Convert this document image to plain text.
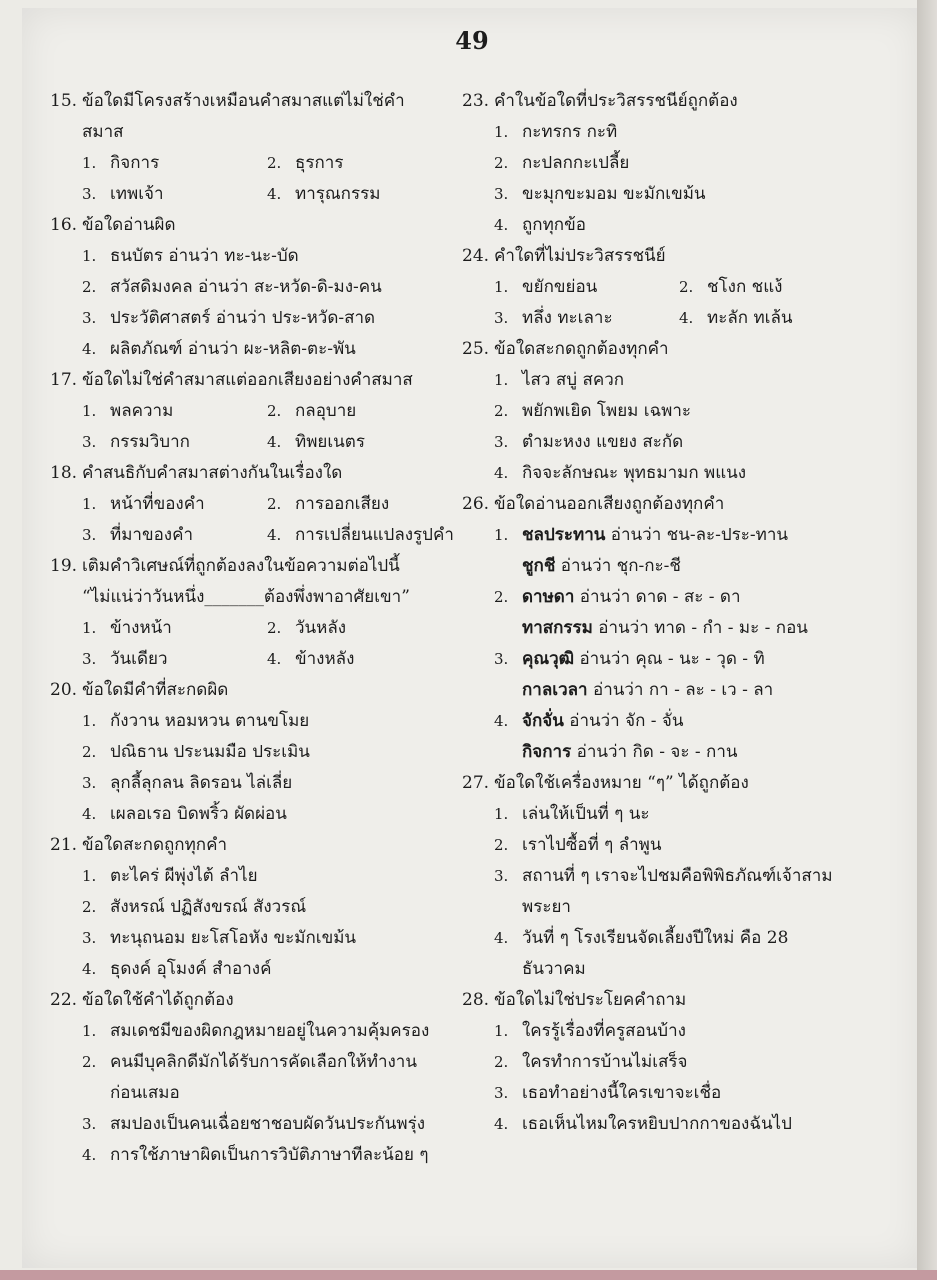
49
15. ข้อใดมีโครงสร้างเหมือนคำสมาสแต่ไม่ใช่คำ
สมาส
1. กิจการ	2. ธุรการ
3. เทพเจ้า	4. ทารุณกรรม
16. ข้อใดอ่านผิด
1. ธนบัตร อ่านว่า ทะ-นะ-บัด
2. สวัสดิมงคล อ่านว่า สะ-หวัด-ดิ-มง-คน
3. ประวัติศาสตร์ อ่านว่า ประ-หวัด-สาด
4. ผลิตภัณฑ์ อ่านว่า ผะ-หลิต-ตะ-พัน
17. ข้อใดไม่ใช่คำสมาสแต่ออกเสียงอย่างคำสมาส
1. พลความ	2. กลอุบาย
3. กรรมวิบาก	4. ทิพยเนตร
18. คำสนธิกับคำสมาสต่างกันในเรื่องใด
1. หน้าที่ของคำ	2. การออกเสียง
3. ที่มาของคำ	4. การเปลี่ยนแปลงรูปคำ
19. เติมคำวิเศษณ์ที่ถูกต้องลงในข้อความต่อไปนี้
“ไม่แน่ว่าวันหนึ่ง_______ต้องพึ่งพาอาศัยเขา”
1. ข้างหน้า	2. วันหลัง
3. วันเดียว	4. ข้างหลัง
20. ข้อใดมีคำที่สะกดผิด
1. กังวาน หอมหวน ตานขโมย
2. ปณิธาน ประนมมือ ประเมิน
3. ลุกลี้ลุกลน ลิดรอน ไล่เลี่ย
4. เผลอเรอ บิดพริ้ว ผัดผ่อน
21. ข้อใดสะกดถูกทุกคำ
1. ตะไคร่ ผีพุ่งไต้ ลำไย
2. สังหรณ์ ปฏิสังขรณ์ สังวรณ์
3. ทะนุถนอม ยะโสโอหัง ขะมักเขม้น
4. ธุดงค์ อุโมงค์ สำอางค์
22. ข้อใดใช้คำได้ถูกต้อง
1. สมเดชมีของผิดกฎหมายอยู่ในความคุ้มครอง
2. คนมีบุคลิกดีมักได้รับการคัดเลือกให้ทำงาน
ก่อนเสมอ
3. สมปองเป็นคนเฉื่อยชาชอบผัดวันประกันพรุ่ง
4. การใช้ภาษาผิดเป็นการวิบัติภาษาทีละน้อย ๆ
23. คำในข้อใดที่ประวิสรรชนีย์ถูกต้อง
1. กะทรกร กะทิ
2. กะปลกกะเปลี้ย
3. ขะมุกขะมอม ขะมักเขม้น
4. ถูกทุกข้อ
24. คำใดที่ไม่ประวิสรรชนีย์
1. ขยักขย่อน	2. ชโงก ชแง้
3. ทลึ่ง ทะเลาะ	4. ทะลัก ทเล้น
25. ข้อใดสะกดถูกต้องทุกคำ
1. ไสว สบู่ สควก
2. พยักพเยิด โพยม เฉพาะ
3. ตำมะหงง แขยง สะกัด
4. กิจจะลักษณะ พุทธมามก พแนง
26. ข้อใดอ่านออกเสียงถูกต้องทุกคำ
1. ชลประทาน อ่านว่า ชน-ละ-ประ-ทาน
ชูกชี อ่านว่า ชุก-กะ-ชี
2. ดาษดา อ่านว่า ดาด - สะ - ดา
ทาสกรรม อ่านว่า ทาด - กำ - มะ - กอน
3. คุณวุฒิ อ่านว่า คุณ - นะ - วุด - ทิ
กาลเวลา อ่านว่า กา - ละ - เว - ลา
4. จักจั่น อ่านว่า จัก - จั่น
กิจการ อ่านว่า กิด - จะ - กาน
27. ข้อใดใช้เครื่องหมาย “ๆ” ได้ถูกต้อง
1. เล่นให้เป็นที่ ๆ นะ
2. เราไปซื้อที่ ๆ ลำพูน
3. สถานที่ ๆ เราจะไปชมคือพิพิธภัณฑ์เจ้าสาม
พระยา
4. วันที่ ๆ โรงเรียนจัดเลี้ยงปีใหม่ คือ 28
ธันวาคม
28. ข้อใดไม่ใช่ประโยคคำถาม
1. ใครรู้เรื่องที่ครูสอนบ้าง
2. ใครทำการบ้านไม่เสร็จ
3. เธอทำอย่างนี้ใครเขาจะเชื่อ
4. เธอเห็นไหมใครหยิบปากกาของฉันไป
